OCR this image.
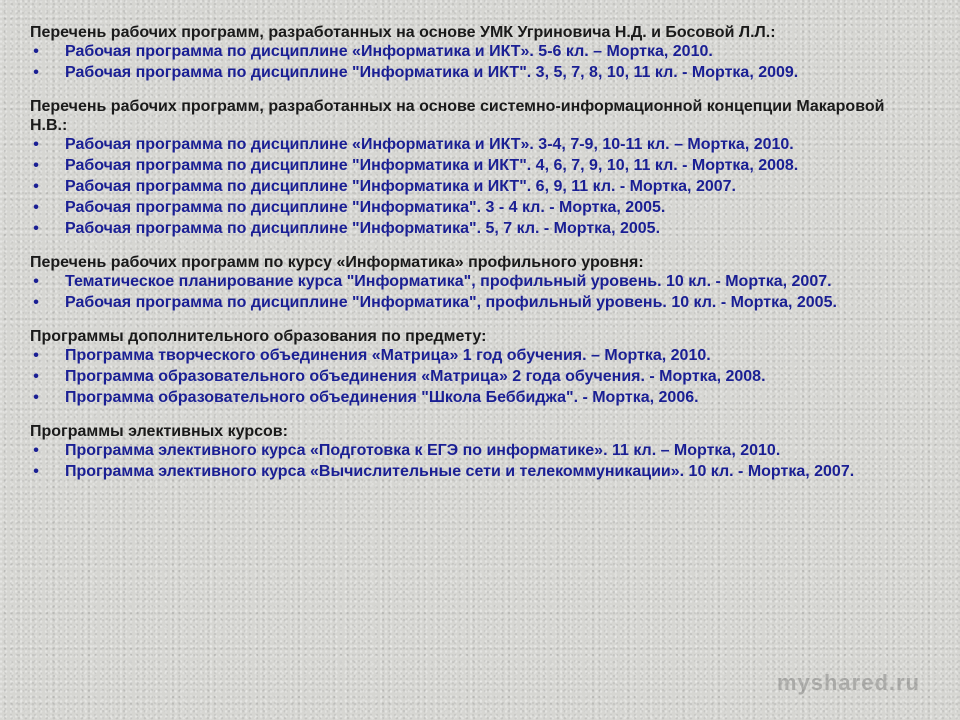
Перечень рабочих программ, разработанных на основе УМК Угриновича Н.Д. и Босовой Л.Л.:
• Рабочая программа по дисциплине «Информатика и ИКТ». 5-6 кл. – Мортка, 2010.
• Рабочая программа по дисциплине "Информатика и ИКТ". 3, 5, 7, 8, 10, 11 кл. - Мортка, 2009.
Перечень рабочих программ, разработанных на основе системно-информационной концепции Макаровой Н.В.:
• Рабочая программа по дисциплине «Информатика и ИКТ». 3-4, 7-9, 10-11 кл. – Мортка, 2010.
• Рабочая программа по дисциплине "Информатика и ИКТ". 4, 6, 7, 9, 10, 11 кл. - Мортка, 2008.
• Рабочая программа по дисциплине "Информатика и ИКТ". 6, 9, 11 кл. - Мортка, 2007.
• Рабочая программа по дисциплине "Информатика". 3 - 4 кл. - Мортка, 2005.
• Рабочая программа по дисциплине "Информатика". 5, 7 кл. - Мортка, 2005.
Перечень рабочих программ по курсу «Информатика» профильного уровня:
• Тематическое планирование курса "Информатика", профильный уровень. 10 кл. - Мортка, 2007.
• Рабочая программа по дисциплине "Информатика", профильный уровень. 10 кл. - Мортка, 2005.
Программы дополнительного образования по предмету:
• Программа творческого объединения «Матрица» 1 год обучения. – Мортка, 2010.
• Программа образовательного объединения «Матрица» 2 года обучения. - Мортка, 2008.
• Программа образовательного объединения "Школа Беббиджа". - Мортка, 2006.
Программы элективных курсов:
• Программа элективного курса «Подготовка к ЕГЭ по информатике». 11 кл. – Мортка, 2010.
• Программа элективного курса «Вычислительные сети и телекоммуникации». 10 кл. - Мортка, 2007.
myshared.ru
